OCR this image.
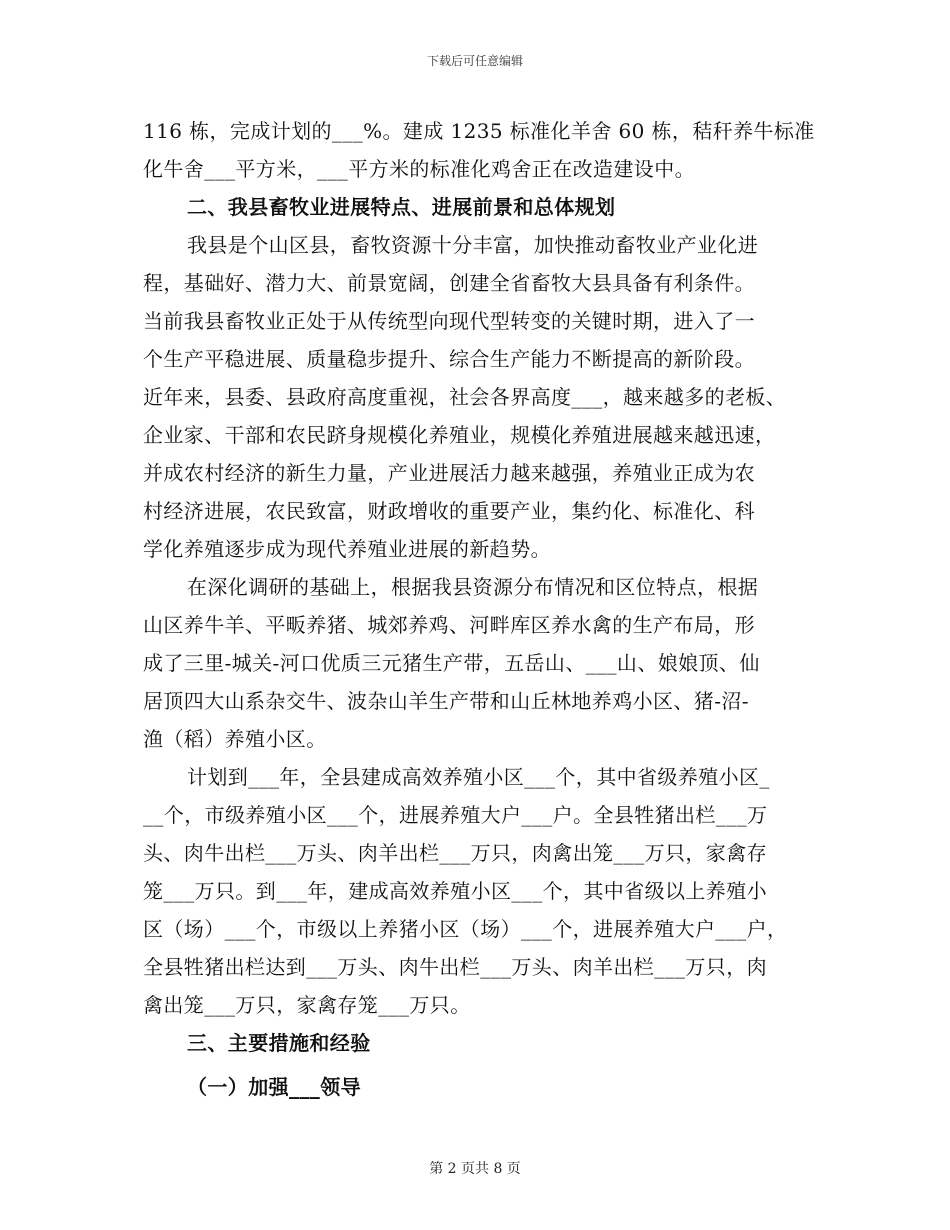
下载后可任意编辑
116 栋，完成计划的___%。建成 1235 标准化羊舍 60 栋，秸秆养牛标准
化牛舍___平方米，___平方米的标准化鸡舍正在改造建设中。
二、我县畜牧业进展特点、进展前景和总体规划
我县是个山区县，畜牧资源十分丰富，加快推动畜牧业产业化进
程，基础好、潜力大、前景宽阔，创建全省畜牧大县具备有利条件。
当前我县畜牧业正处于从传统型向现代型转变的关键时期，进入了一
个生产平稳进展、质量稳步提升、综合生产能力不断提高的新阶段。
近年来，县委、县政府高度重视，社会各界高度___，越来越多的老板、
企业家、干部和农民跻身规模化养殖业，规模化养殖进展越来越迅速，
并成农村经济的新生力量，产业进展活力越来越强，养殖业正成为农
村经济进展，农民致富，财政增收的重要产业，集约化、标准化、科
学化养殖逐步成为现代养殖业进展的新趋势。
在深化调研的基础上，根据我县资源分布情况和区位特点，根据
山区养牛羊、平畈养猪、城郊养鸡、河畔库区养水禽的生产布局，形
成了三里-城关-河口优质三元猪生产带，五岳山、___山、娘娘顶、仙
居顶四大山系杂交牛、波杂山羊生产带和山丘林地养鸡小区、猪-沼-
渔（稻）养殖小区。
计划到___年，全县建成高效养殖小区___个，其中省级养殖小区_
__个，市级养殖小区___个，进展养殖大户___户。全县牲猪出栏___万
头、肉牛出栏___万头、肉羊出栏___万只，肉禽出笼___万只，家禽存
笼___万只。到___年，建成高效养殖小区___个，其中省级以上养殖小
区（场）___个，市级以上养猪小区（场）___个，进展养殖大户___户，
全县牲猪出栏达到___万头、肉牛出栏___万头、肉羊出栏___万只，肉
禽出笼___万只，家禽存笼___万只。
三、主要措施和经验
（一）加强___领导
第 2 页共 8 页
